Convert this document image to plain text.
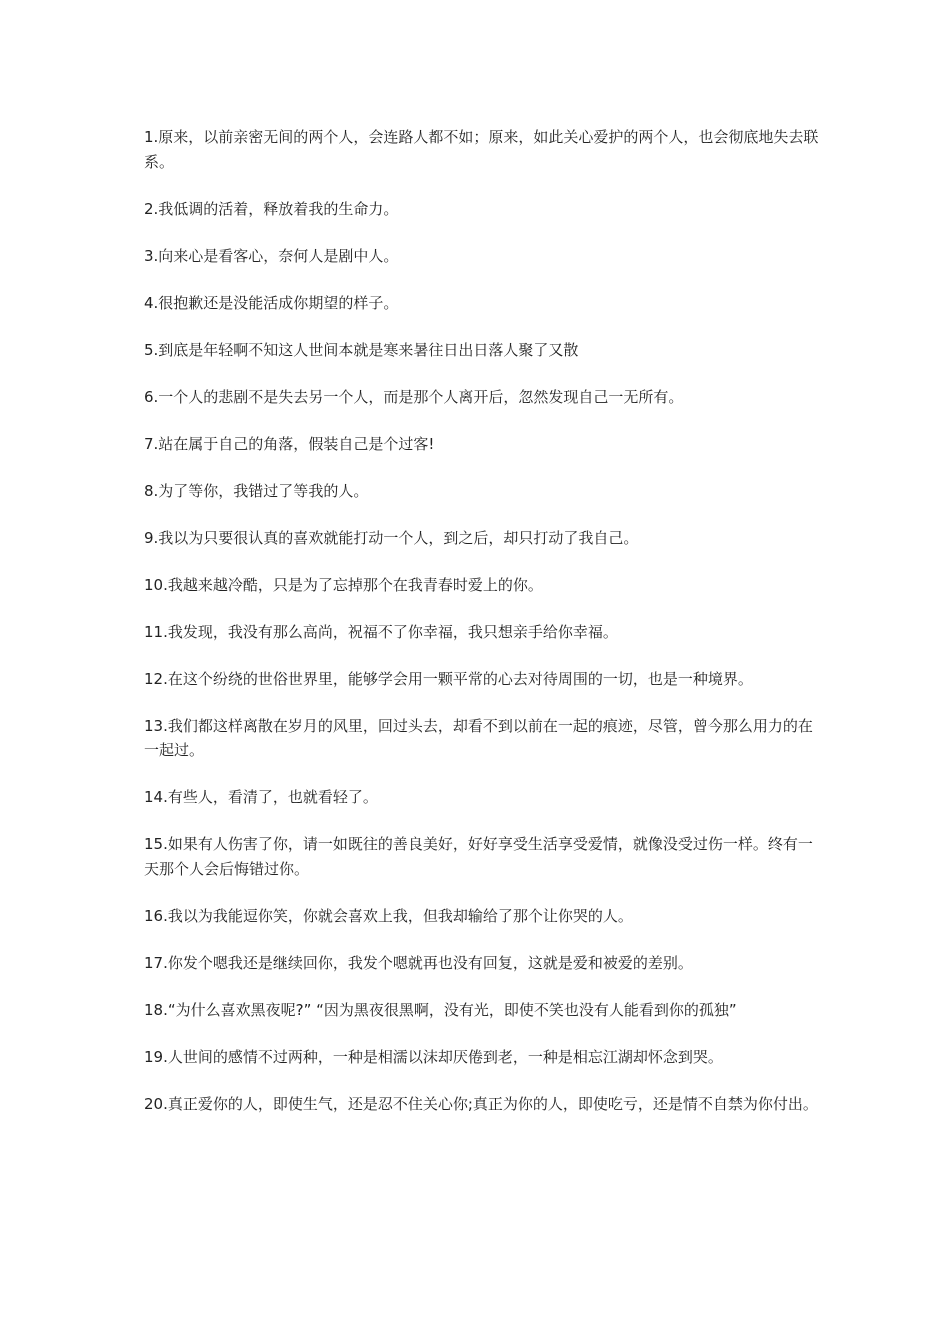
1.原来，以前亲密无间的两个人，会连路人都不如；原来，如此关心爱护的两个人，也会彻底地失去联系。

2.我低调的活着，释放着我的生命力。

3.向来心是看客心，奈何人是剧中人。

4.很抱歉还是没能活成你期望的样子。

5.到底是年轻啊不知这人世间本就是寒来暑往日出日落人聚了又散

6.一个人的悲剧不是失去另一个人，而是那个人离开后，忽然发现自己一无所有。

7.站在属于自己的角落，假装自己是个过客!

8.为了等你，我错过了等我的人。

9.我以为只要很认真的喜欢就能打动一个人，到之后，却只打动了我自己。

10.我越来越冷酷，只是为了忘掉那个在我青春时爱上的你。

11.我发现，我没有那么高尚，祝福不了你幸福，我只想亲手给你幸福。

12.在这个纷绕的世俗世界里，能够学会用一颗平常的心去对待周围的一切，也是一种境界。

13.我们都这样离散在岁月的风里，回过头去，却看不到以前在一起的痕迹，尽管，曾今那么用力的在一起过。

14.有些人，看清了，也就看轻了。

15.如果有人伤害了你，请一如既往的善良美好，好好享受生活享受爱情，就像没受过伤一样。终有一天那个人会后悔错过你。

16.我以为我能逗你笑，你就会喜欢上我，但我却输给了那个让你哭的人。

17.你发个嗯我还是继续回你，我发个嗯就再也没有回复，这就是爱和被爱的差别。

18.“为什么喜欢黑夜呢?” “因为黑夜很黑啊，没有光，即使不笑也没有人能看到你的孤独”

19.人世间的感情不过两种，一种是相濡以沫却厌倦到老，一种是相忘江湖却怀念到哭。

20.真正爱你的人，即使生气，还是忍不住关心你;真正为你的人，即使吃亏，还是情不自禁为你付出。
